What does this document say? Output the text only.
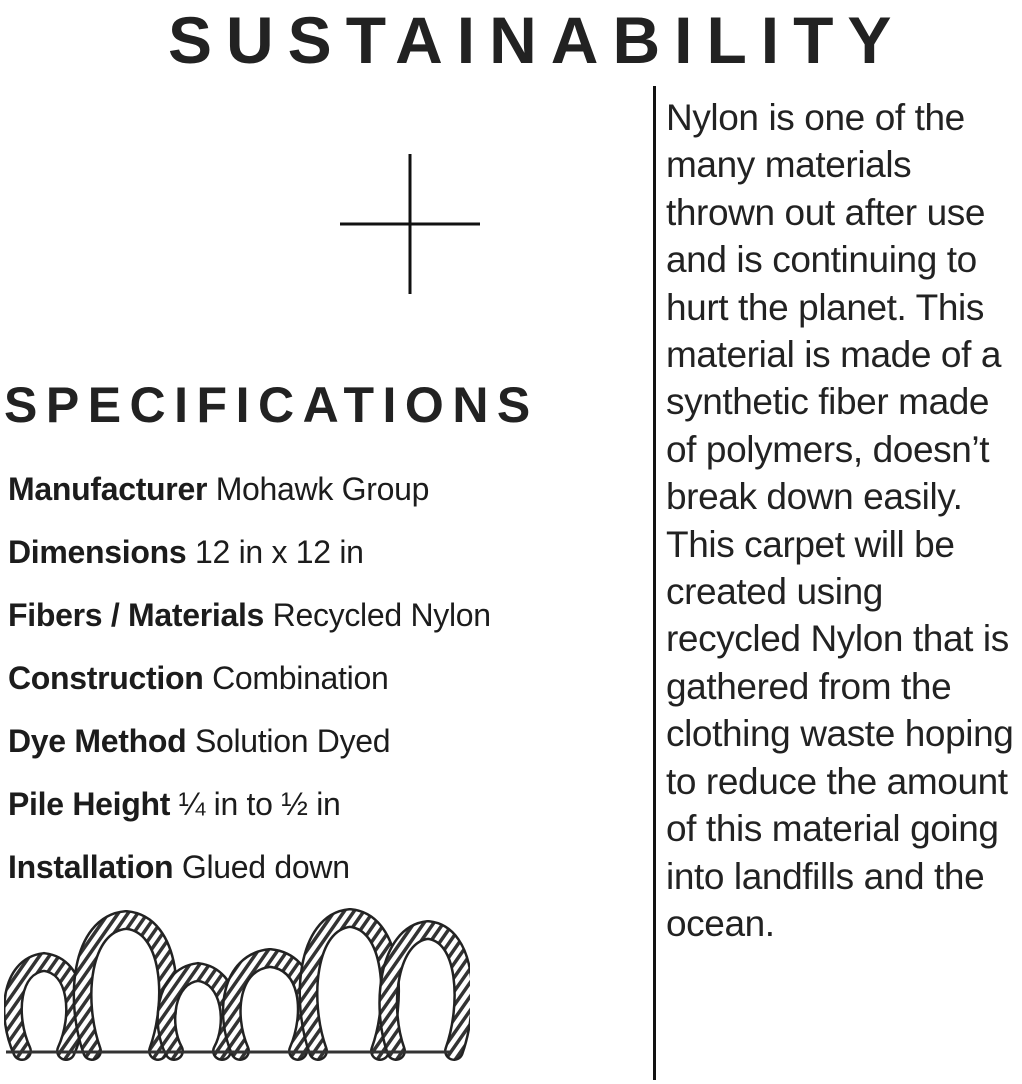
SUSTAINABILITY
SPECIFICATIONS
Manufacturer Mohawk Group
Dimensions 12 in x 12 in
Fibers / Materials Recycled Nylon
Construction Combination
Dye Method Solution Dyed
Pile Height ¼ in to ½ in
Installation Glued down

Nylon is one of the many materials thrown out after use and is continuing to hurt the planet. This material is made of a synthetic fiber made of polymers, doesn’t break down easily. This carpet will be created using recycled Nylon that is gathered from the clothing waste hoping to reduce the amount of this material going into landfills and the ocean.
